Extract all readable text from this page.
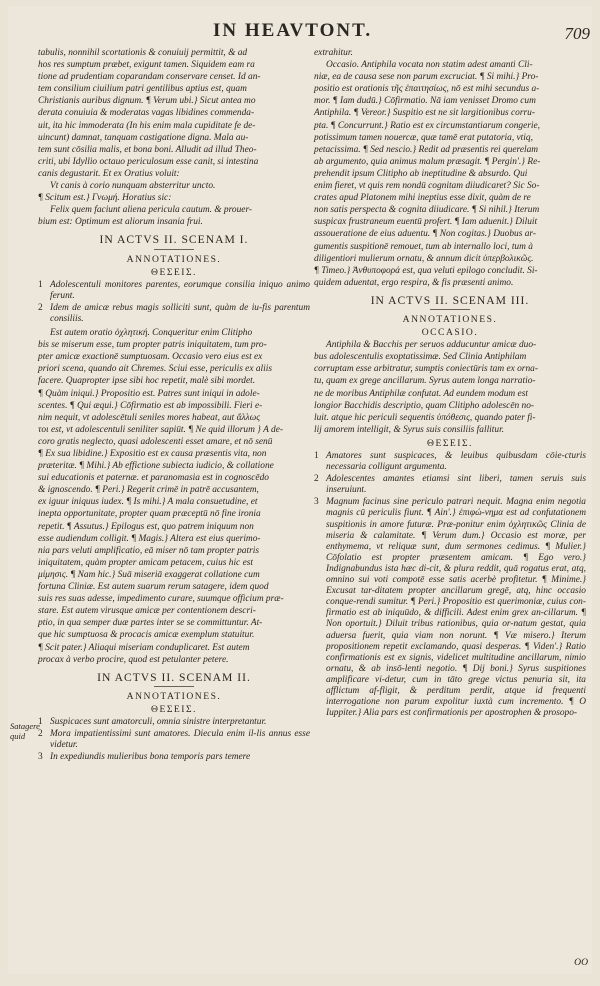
IN HEAVTONT.	709
Satagere quid

tabulis, nonnihil scortationis & conuiuij permittit, & ad

hos res sumptum præbet, exigunt tamen. Siquidem eam ra

tione ad prudentiam coparandam conservare censet. Id an-

tem consilium ciuilium patri gentilibus aptius est, quam

Christianis auribus dignum. ¶ Verum ubi.} Sicut antea mo

derata conuiuia & moderatas vagas libidines commenda-

uit, ita hic immoderata (In his enim mala cupiditate fe de-

uincunt) damnat, tanquam castigatione digna. Mala au-

tem sunt cōsilia malis, et bona boni. Alludit ad illud Theo-

criti, ubi Idyllio octauo periculosum esse canit, si intestina

canis degustarit. Et ex Oratius voluit:

Vt canis à corio nunquam absterritur uncto.

¶ Scitum est.} Γνωμή. Horatius sic:

Felix quem faciunt aliena pericula cautum. & prouer-

bium est: Optimum est aliorum insania frui.

IN ACTVS II. SCENAM I.
ANNOTATIONES.
ΘΕΣΕΙΣ.
1 Adolescentuli monitores parentes, eorumque consilia iniquo animo ferunt.
2 Idem de amicæ rebus magis solliciti sunt, quàm de iu-fis parentum consiliis.

Est autem oratio ὀχλητική. Conqueritur enim Clitipho

bis se miserum esse, tum propter patris iniquitatem, tum pro-

pter amicæ exactionē sumptuosam. Occasio vero eius est ex

priori scena, quando ait Chremes. Sciui esse, periculis ex aliis

facere. Quapropter ipse sibi hoc repetit, malè sibi mordet.

¶ Quàm iniqui.} Propositio est. Patres sunt iniqui in adole-

scentes. ¶ Qui æqui.} Cōfirmatio est ab impossibili. Fieri e-

nim nequit, vt adolescētuli seniles mores habeat, aut ἄλλως

τοι est, vt adolescentuli seniliter sapiūt. ¶ Ne quid illorum } A de-

coro gratis neglecto, quasi adolescenti esset amare, et nō senū

¶ Ex sua libidine.} Expositio est ex causa præsentis vita, non

præteritæ. ¶ Mihi.} Ab effictione subiecta iudicio, & collatione

sui educationis et paternæ. et paranomasia est in cognoscēdo

& ignoscendo. ¶ Peri.} Regerit crimē in patrē accusantem,

ex iguur iniquus iudex. ¶ Is mihi.} A mala consuetudine, et

inepta opportunitate, propter quam præceptū nō fine ironia

repetit. ¶ Assutus.} Epilogus est, quo patrem iniquum non

esse audiendum colligit. ¶ Magis.} Altera est eius querimo-

nia pars veluti amplificatio, eā miser nō tam propter patris

iniquitatem, quàm propter amicam petacem, cuius hic est

μίμησις. ¶ Nam hic.} Suā miseriā exaggerat collatione cum

fortuna Cliniæ. Est autem suarum rerum satagere, idem quod

suis res suas adesse, impedimento curare, suumque officium præ-

stare. Est autem virusque amicæ per contentionem descri-

ptio, in qua semper duæ partes inter se se committuntur. At-

que hic sumptuosa & procacis amicæ exemplum statuitur.

¶ Scit pater.} Aliaqui miseriam conduplicaret. Est autem

procax à verbo procire, quod est petulanter petere.

IN ACTVS II. SCENAM II.
ANNOTATIONES.
ΘΕΣΕΙΣ.
1 Suspicaces sunt amatorculi, omnia sinistre interpretantur.
2 Mora impatientissimi sunt amatores. Diecula enim il-lis annus esse videtur.
3 In expediundis mulieribus bona temporis pars temere

extrahitur.

Occasio. Antiphila vocata non statim adest amanti Cli-

niæ, ea de causa sese non parum excruciat. ¶ Si mihi.} Pro-

positio est orationis τῆς ἐπαιτησίως, nō est mihi secundus a-

mor. ¶ Iam dudū.} Cōfirmatio. Nā iam venisset Dromo cum

Antiphila. ¶ Vereor.} Suspitio est ne sit largitionibus corru-

pta. ¶ Concurrunt.} Ratio est ex circumstantiarum congerie,

potissimum tamen nouercæ, quæ tamē erat putatoria, vtiq,

petacissima. ¶ Sed nescio.} Redit ad præsentis rei querelam

ab argumento, quia animus malum præsagit. ¶ Pergin'.} Re-

prehendit ipsum Clitipho ab ineptitudine & absurdo. Qui

enim fieret, vt quis rem nondū cognitam diiudicaret? Sic So-

crates apud Platonem mihi ineptius esse dixit, quàm de re

non satis perspecta & cognita diiudicare. ¶ Si nihil.} Iterum

suspicax frustraneum euentū profert. ¶ Iam aduenit.} Diluit

assoueratione de eius aduentu. ¶ Non cogitas.} Duobus ar-

gumentis suspitionē remouet, tum ab internallo loci, tum à

diligentiori mulierum ornatu, & annum dicit ὑπερβολικῶς.

¶ Timeo.} Ἀνθυποφορά est, qua veluti epilogo concludit. Si-

quidem aduentat, ergo respira, & fis præsenti animo.

IN ACTVS II. SCENAM III.
ANNOTATIONES.
OCCASIO.

Antiphila & Bacchis per seruos adducuntur amicæ duo-

bus adolescentulis exoptatissimæ. Sed Clinia Antiphilam

corruptam esse arbitratur, sumptis coniectūris tam ex orna-

tu, quam ex grege ancillarum. Syrus autem longa narratio-

ne de moribus Antiphilæ confutat. Ad eundem modum est

longior Bacchidis descriptio, quam Clitipho adolescēn no-

luit. atque hic periculi sequentis ὑπόθεσις, quando pater fi-

lij amorem intelligit, & Syrus suis consiliis fallitur.

ΘΕΣΕΙΣ.
1 Amatores sunt suspicaces, & leuibus quibusdam cōie-cturis necessaria colligunt argumenta.
2 Adolescentes amantes etiamsi sint liberi, tamen seruis suis inseruiunt.
3 Magnum facinus sine periculo patrari nequit. Magna enim negotia magnis cū periculis fiunt. ¶ Ain'.} ἐπιφώ-νημα est ad confutationem suspitionis in amore futuræ. Præ-ponitur enim ὀχλητικῶς Clinia de miseria & calamitate. ¶ Verum dum.} Occasio est moræ, per enthymema, vt reliquæ sunt, dum sermones cedimus. ¶ Mulier.} Cōfolatio est propter præsentem amicam. ¶ Ego vero.} Indignabundus ista hæc di-cit, & plura reddit, quā rogatus erat, atq, omnino sui voti compotē esse satis acerbè profitetur. ¶ Minime.} Excusat tar-ditatem propter ancillarum gregē, atq, hinc occasio conque-rendi sumitur. ¶ Peri.} Propositio est querimoniæ, cuius con-firmatio est ab iniquūdo, & difficili. Adest enim grex an-cillarum. ¶ Non oportuit.} Diluit tribus rationibus, quia or-natum gestat, quia aduersa fuerit, quia viam non norunt. ¶ Væ misero.} Iterum propositionem repetit exclamando, quasi desperas. ¶ Viden'.} Ratio confirmationis est ex signis, videlicet multitudine ancillarum, nimio ornatu, & ab insō-lenti negotio. ¶ Dij boni.} Syrus suspitiones amplificare vi-detur, cum in tāto grege victus penuria sit, ita afflictum af-fligit, & perditum perdit, atque id frequenti interrogatione non parum expolitur iuxtà cum incremento. ¶ O Iuppiter.} Alia pars est confirmationis per apostrophen & prosopo-
OO
